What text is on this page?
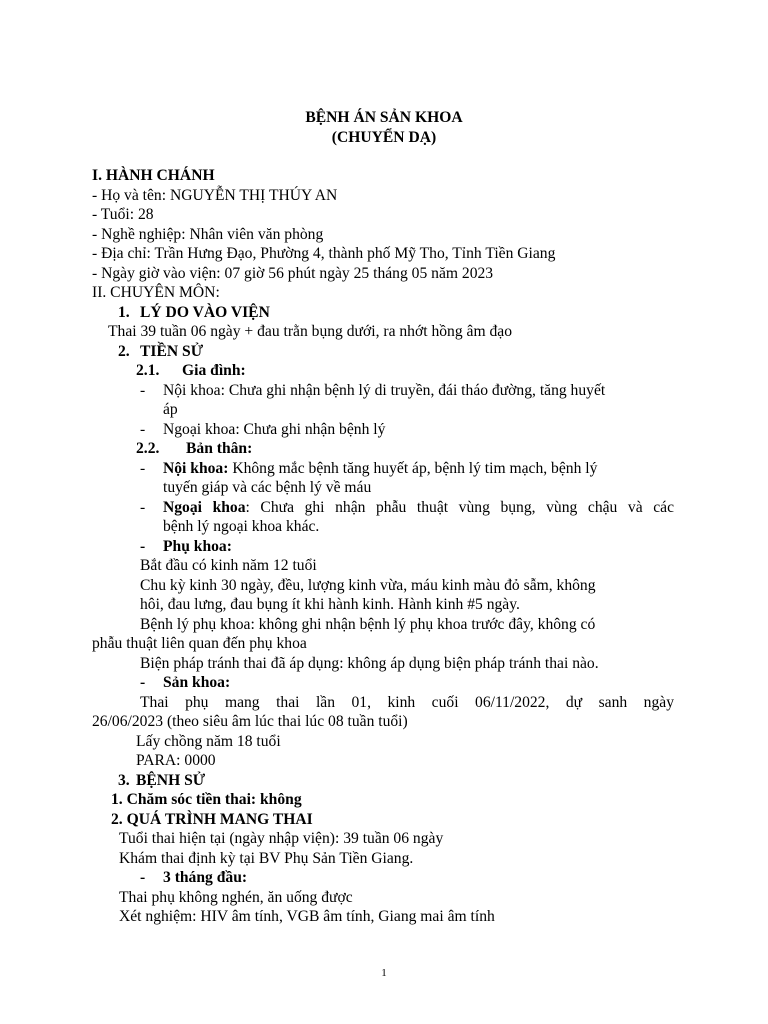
BỆNH ÁN SẢN KHOA
(CHUYỂN DẠ)
I. HÀNH CHÁNH
- Họ và tên: NGUYỄN THỊ THÚY AN
- Tuổi: 28
- Nghề nghiệp: Nhân viên văn phòng
- Địa chỉ: Trần Hưng Đạo, Phường 4, thành phố Mỹ Tho, Tỉnh Tiền Giang
- Ngày giờ vào viện: 07 giờ 56 phút ngày 25 tháng 05 năm 2023
II. CHUYÊN MÔN:
1. LÝ DO VÀO VIỆN
Thai 39 tuần 06 ngày + đau trằn bụng dưới, ra nhớt hồng âm đạo
2. TIỀN SỬ
2.1. Gia đình:
- Nội khoa: Chưa ghi nhận bệnh lý di truyền, đái tháo đường, tăng huyết
áp
- Ngoại khoa: Chưa ghi nhận bệnh lý
2.2. Bản thân:
- Nội khoa: Không mắc bệnh tăng huyết áp, bệnh lý tim mạch, bệnh lý
tuyến giáp và các bệnh lý về máu
- Ngoại khoa: Chưa ghi nhận phẫu thuật vùng bụng, vùng chậu và các
bệnh lý ngoại khoa khác.
- Phụ khoa:
Bắt đầu có kinh năm 12 tuổi
Chu kỳ kinh 30 ngày, đều, lượng kinh vừa, máu kinh màu đỏ sẫm, không
hôi, đau lưng, đau bụng ít khi hành kinh. Hành kinh #5 ngày.
Bệnh lý phụ khoa: không ghi nhận bệnh lý phụ khoa trước đây, không có
phẫu thuật liên quan đến phụ khoa
Biện pháp tránh thai đã áp dụng: không áp dụng biện pháp tránh thai nào.
- Sản khoa:
Thai phụ mang thai lần 01, kinh cuối 06/11/2022, dự sanh ngày
26/06/2023 (theo siêu âm lúc thai lúc 08 tuần tuổi)
Lấy chồng năm 18 tuổi
PARA: 0000
3. BỆNH SỬ
1. Chăm sóc tiền thai: không
2. QUÁ TRÌNH MANG THAI
Tuổi thai hiện tại (ngày nhập viện): 39 tuần 06 ngày
Khám thai định kỳ tại BV Phụ Sản Tiền Giang.
- 3 tháng đầu:
Thai phụ không nghén, ăn uống được
Xét nghiệm: HIV âm tính, VGB âm tính, Giang mai âm tính
1
